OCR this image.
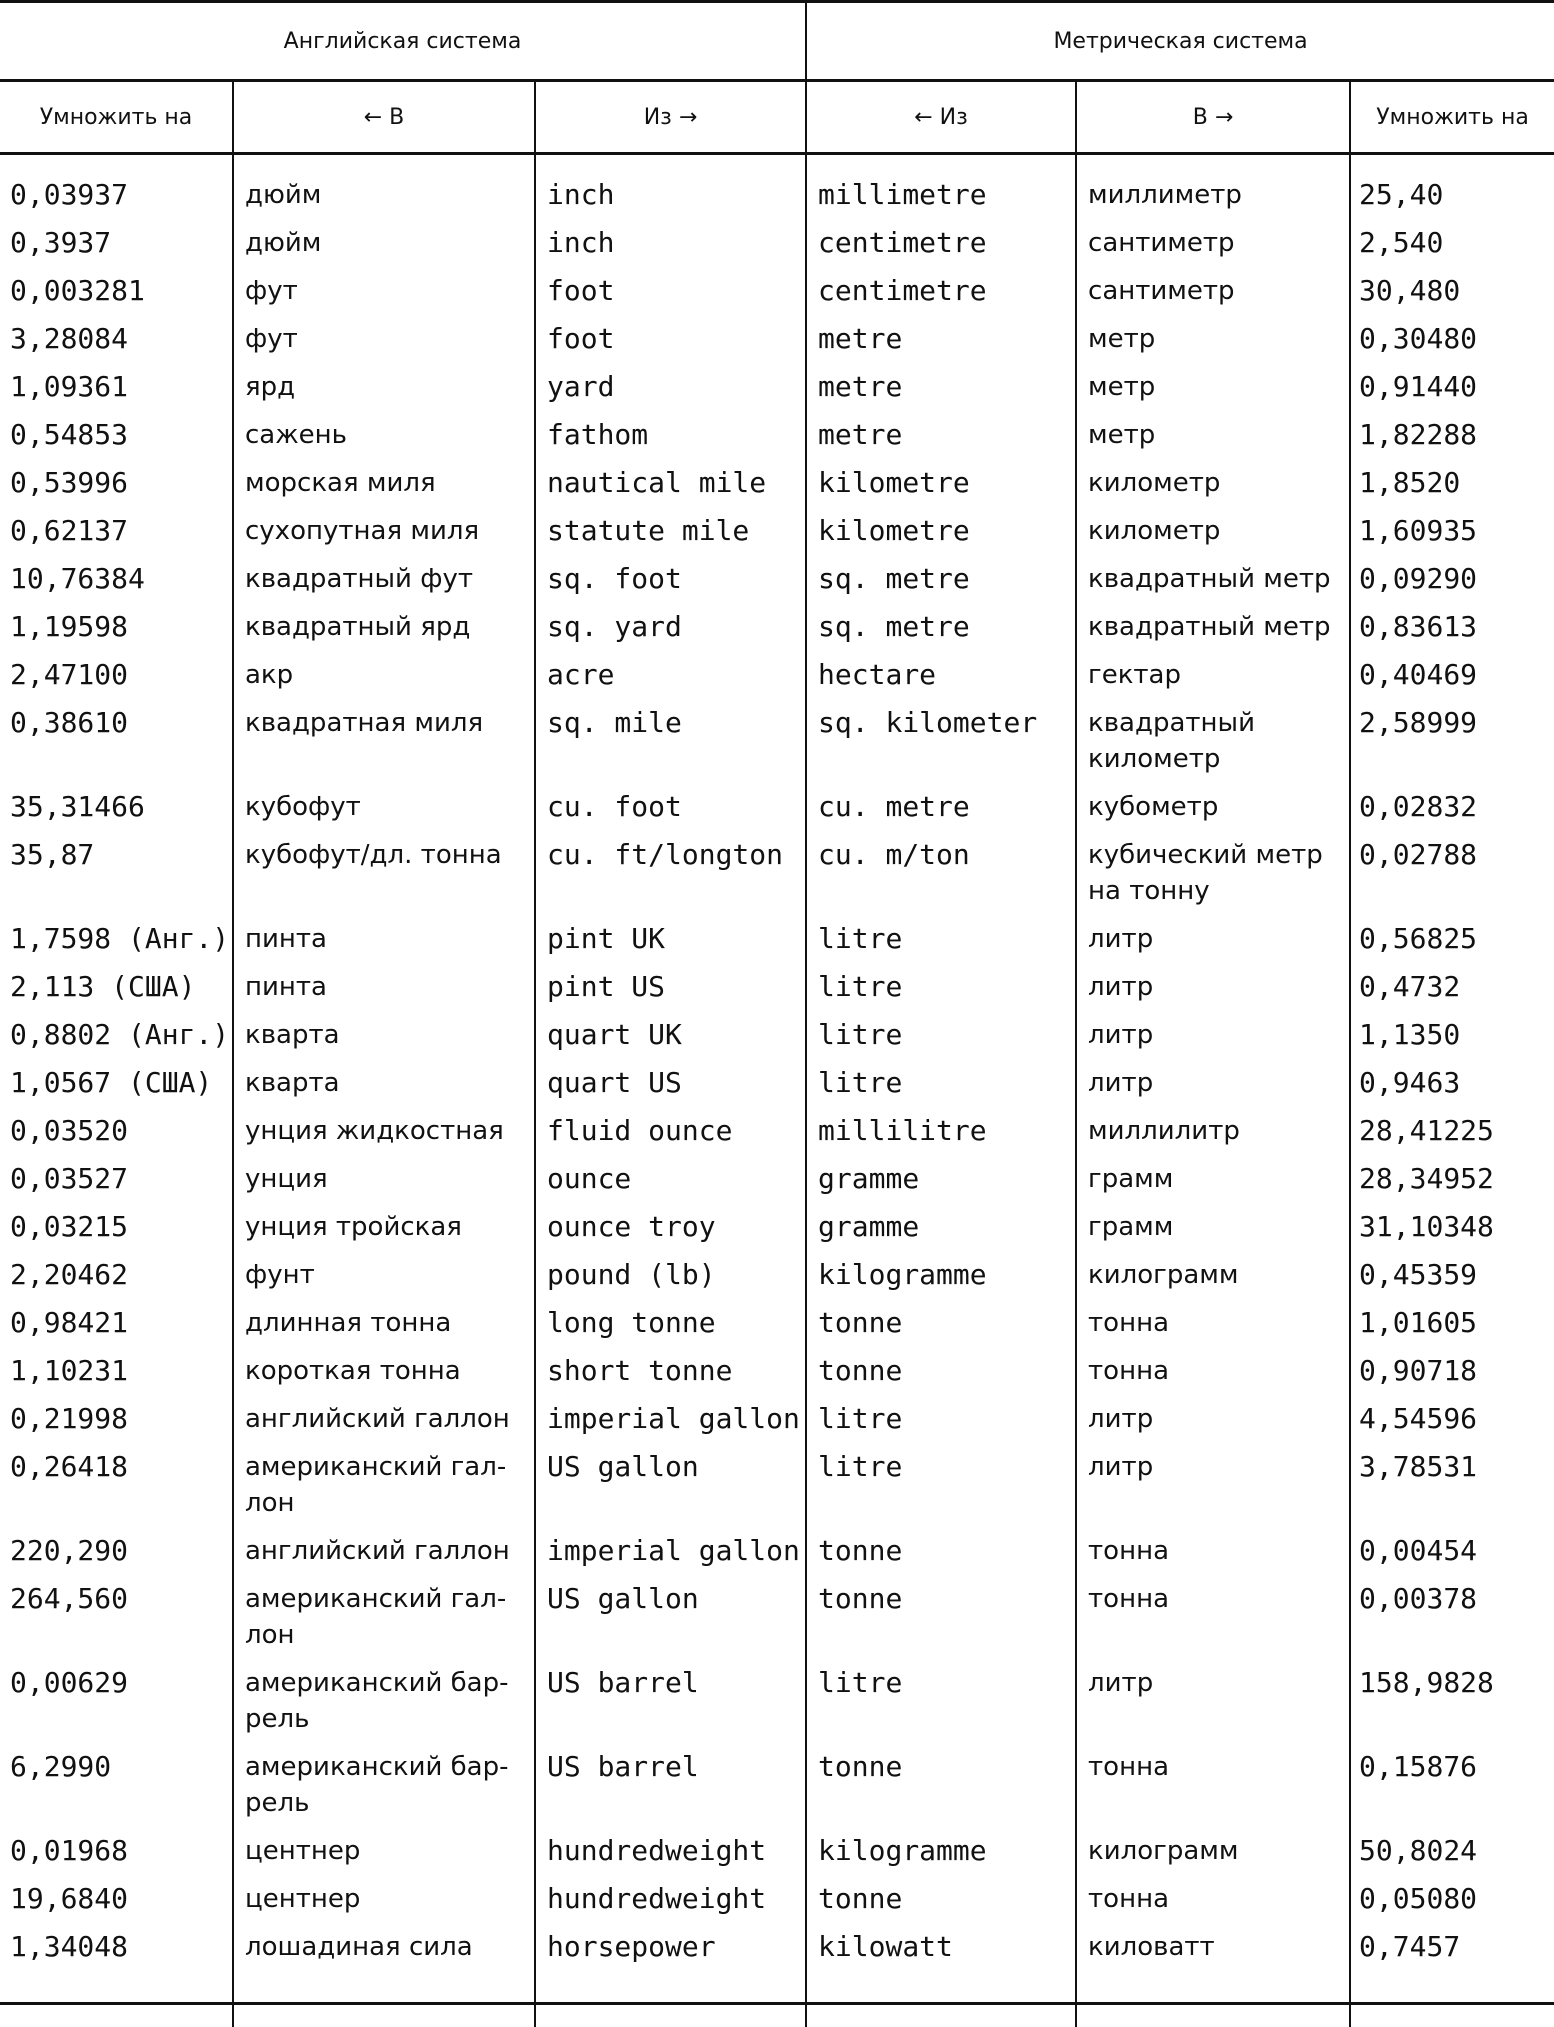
Английская система			Метрическая система		
Умножить на	← В	Из →	← Из	В →	Умножить на
0,03937	дюйм	inch	millimetre	миллиметр	25,40
0,3937	дюйм	inch	centimetre	сантиметр	2,540
0,003281	фут	foot	centimetre	сантиметр	30,480
3,28084	фут	foot	metre	метр	0,30480
1,09361	ярд	yard	metre	метр	0,91440
0,54853	сажень	fathom	metre	метр	1,82288
0,53996	морская миля	nautical mile	kilometre	километр	1,8520
0,62137	сухопутная миля	statute mile	kilometre	километр	1,60935
10,76384	квадратный фут	sq. foot	sq. metre	квадратный метр	0,09290
1,19598	квадратный ярд	sq. yard	sq. metre	квадратный метр	0,83613
2,47100	акр	acre	hectare	гектар	0,40469
0,38610	квадратная миля	sq. mile	sq. kilometer	квадратный километр	2,58999
35,31466	кубофут	cu. foot	cu. metre	кубометр	0,02832
35,87	кубофут/дл. тонна	cu. ft/longton	cu. m/ton	кубический метр на тонну	0,02788
1,7598 (Анг.)	пинта	pint UK	litre	литр	0,56825
2,113 (США)	пинта	pint US	litre	литр	0,4732
0,8802 (Анг.)	кварта	quart UK	litre	литр	1,1350
1,0567 (США)	кварта	quart US	litre	литр	0,9463
0,03520	унция жидкостная	fluid ounce	millilitre	миллилитр	28,41225
0,03527	унция	ounce	gramme	грамм	28,34952
0,03215	унция тройская	ounce troy	gramme	грамм	31,10348
2,20462	фунт	pound (lb)	kilogramme	килограмм	0,45359
0,98421	длинная тонна	long tonne	tonne	тонна	1,01605
1,10231	короткая тонна	short tonne	tonne	тонна	0,90718
0,21998	английский галлон	imperial gallon	litre	литр	4,54596
0,26418	американский гал-лон	US gallon	litre	литр	3,78531
220,290	английский галлон	imperial gallon	tonne	тонна	0,00454
264,560	американский гал-лон	US gallon	tonne	тонна	0,00378
0,00629	американский бар-рель	US barrel	litre	литр	158,9828
6,2990	американский бар-рель	US barrel	tonne	тонна	0,15876
0,01968	центнер	hundredweight	kilogramme	килограмм	50,8024
19,6840	центнер	hundredweight	tonne	тонна	0,05080
1,34048	лошадиная сила	horsepower	kilowatt	киловатт	0,7457
